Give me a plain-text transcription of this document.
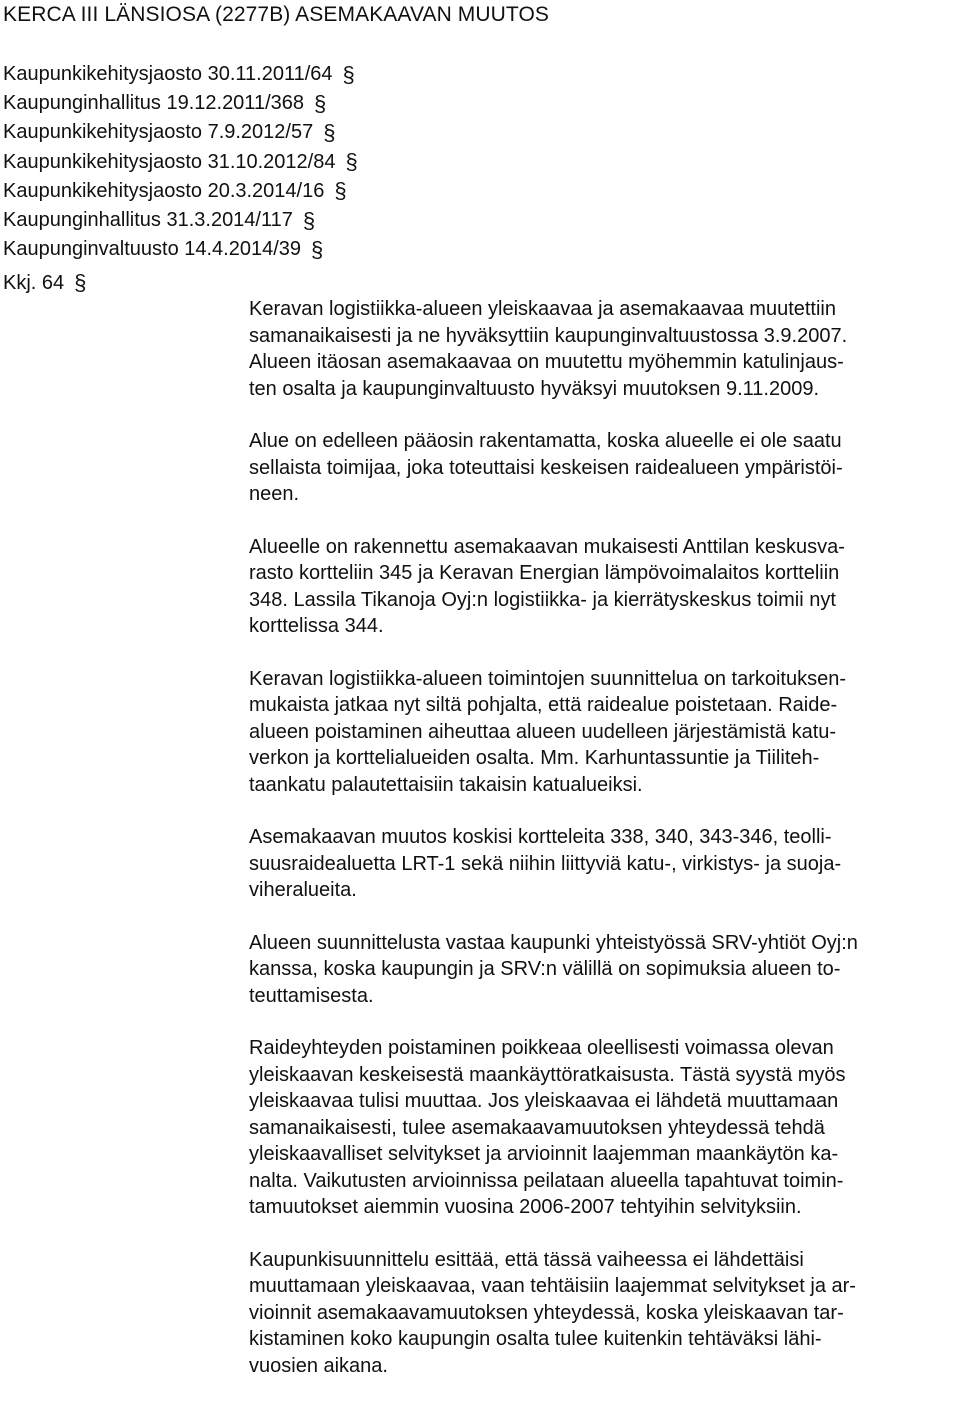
KERCA III LÄNSIOSA (2277B) ASEMAKAAVAN MUUTOS
Kaupunkikehitysjaosto 30.11.2011/64 §
Kaupunginhallitus 19.12.2011/368 §
Kaupunkikehitysjaosto 7.9.2012/57 §
Kaupunkikehitysjaosto 31.10.2012/84 §
Kaupunkikehitysjaosto 20.3.2014/16 §
Kaupunginhallitus 31.3.2014/117 §
Kaupunginvaltuusto 14.4.2014/39 §
Kkj. 64 §
Keravan logistiikka-alueen yleiskaavaa ja asemakaavaa muutettiin
samanaikaisesti ja ne hyväksyttiin kaupunginvaltuustossa 3.9.2007.
Alueen itäosan asemakaavaa on muutettu myöhemmin katulinjaus-
ten osalta ja kaupunginvaltuusto hyväksyi muutoksen 9.11.2009.
Alue on edelleen pääosin rakentamatta, koska alueelle ei ole saatu
sellaista toimijaa, joka toteuttaisi keskeisen raidealueen ympäristöi-
neen.
Alueelle on rakennettu asemakaavan mukaisesti Anttilan keskusva-
rasto kortteliin 345 ja Keravan Energian lämpövoimalaitos kortteliin
348. Lassila Tikanoja Oyj:n logistiikka- ja kierrätyskeskus toimii nyt
korttelissa 344.
Keravan logistiikka-alueen toimintojen suunnittelua on tarkoituksen-
mukaista jatkaa nyt siltä pohjalta, että raidealue poistetaan. Raide-
alueen poistaminen aiheuttaa alueen uudelleen järjestämistä katu-
verkon ja korttelialueiden osalta. Mm. Karhuntassuntie ja Tiiliteh-
taankatu palautettaisiin takaisin katualueiksi.
Asemakaavan muutos koskisi kortteleita 338, 340, 343-346, teolli-
suusraidealuetta LRT-1 sekä niihin liittyviä katu-, virkistys- ja suoja-
viheralueita.
Alueen suunnittelusta vastaa kaupunki yhteistyössä SRV-yhtiöt Oyj:n
kanssa, koska kaupungin ja SRV:n välillä on sopimuksia alueen to-
teuttamisesta.
Raideyhteyden poistaminen poikkeaa oleellisesti voimassa olevan
yleiskaavan keskeisestä maankäyttöratkaisusta. Tästä syystä myös
yleiskaavaa tulisi muuttaa. Jos yleiskaavaa ei lähdetä muuttamaan
samanaikaisesti, tulee asemakaavamuutoksen yhteydessä tehdä
yleiskaavalliset selvitykset ja arvioinnit laajemman maankäytön ka-
nalta. Vaikutusten arvioinnissa peilataan alueella tapahtuvat toimin-
tamuutokset aiemmin vuosina 2006-2007 tehtyihin selvityksiin.
Kaupunkisuunnittelu esittää, että tässä vaiheessa ei lähdettäisi
muuttamaan yleiskaavaa, vaan tehtäisiin laajemmat selvitykset ja ar-
vioinnit asemakaavamuutoksen yhteydessä, koska yleiskaavan tar-
kistaminen koko kaupungin osalta tulee kuitenkin tehtäväksi lähi-
vuosien aikana.
